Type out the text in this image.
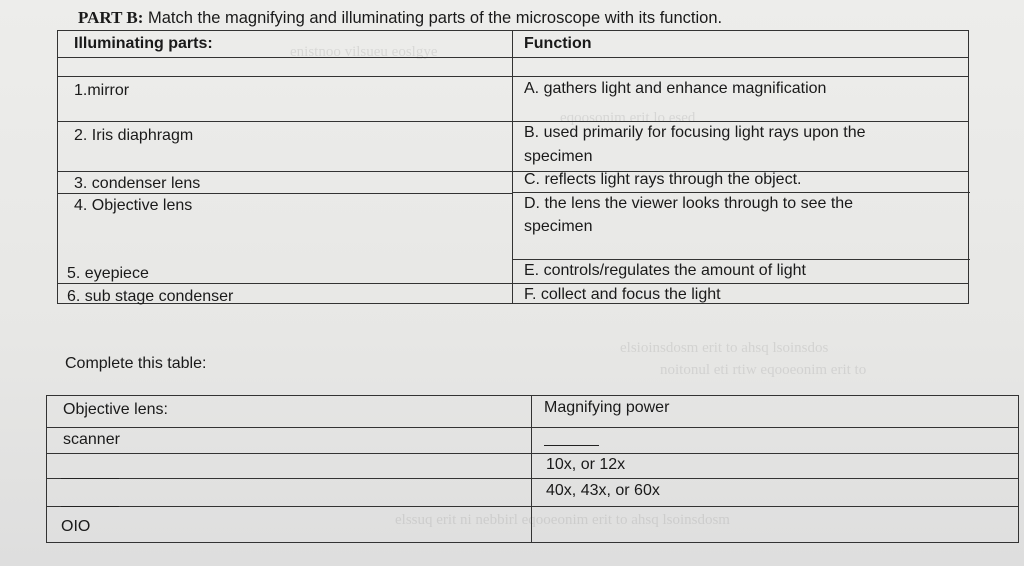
enistnoo vilsueu eoslgye
eqoosonim erit lo esed
elsioinsdosm erit to ahsq lsoinsdos
noitonul eti rtiw eqooeonim erit to
elssuq erit ni nebbirl eqooeonim erit to ahsq lsoinsdosm
PART B: Match the magnifying and illuminating parts of the microscope with its function.
Illuminating parts:	Function
1.mirror
2. Iris diaphragm
3. condenser lens
4. Objective lens
5. eyepiece
6. sub stage condenser
A. gathers light and enhance magnification
B. used primarily for focusing light rays upon the
specimen
C. reflects light rays through the object.
D. the lens the viewer looks through to see the
specimen
E. controls/regulates the amount of light
F. collect and focus the light
Complete this table:
Objective lens:	Magnifying power
scanner
10x, or 12x
40x, 43x, or 60x
OIO
